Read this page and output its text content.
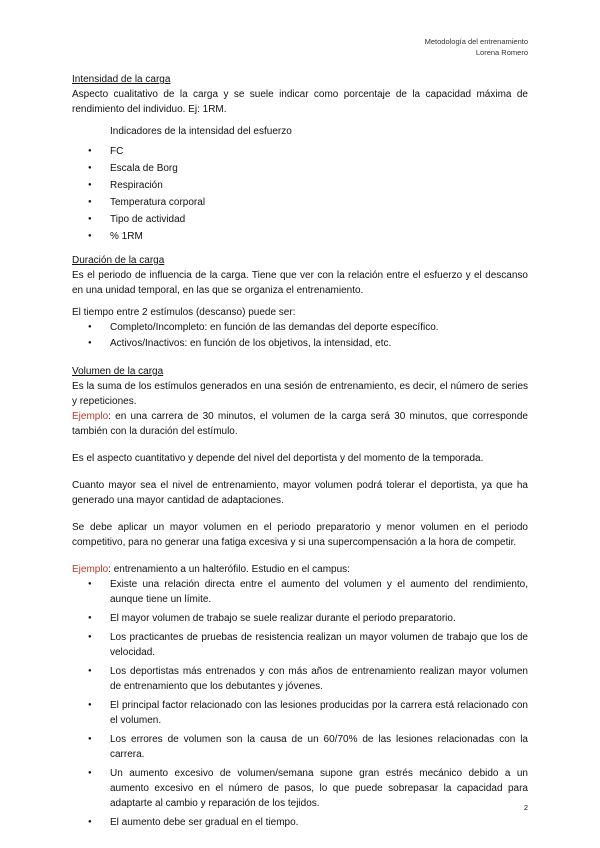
Metodología del entrenamiento
Lorena Romero

Intensidad de la carga

Aspecto cualitativo de la carga y se suele indicar como porcentaje de la capacidad máxima de rendimiento del individuo. Ej: 1RM.

Indicadores de la intensidad del esfuerzo

● FC
● Escala de Borg
● Respiración
● Temperatura corporal
● Tipo de actividad
● % 1RM

Duración de la carga

Es el periodo de influencia de la carga. Tiene que ver con la relación entre el esfuerzo y el descanso en una unidad temporal, en las que se organiza el entrenamiento.

El tiempo entre 2 estímulos (descanso) puede ser:

● Completo/Incompleto: en función de las demandas del deporte específico.
● Activos/Inactivos: en función de los objetivos, la intensidad, etc.

Volumen de la carga

Es la suma de los estímulos generados en una sesión de entrenamiento, es decir, el número de series y repeticiones.

Ejemplo: en una carrera de 30 minutos, el volumen de la carga será 30 minutos, que corresponde también con la duración del estímulo.

Es el aspecto cuantitativo y depende del nivel del deportista y del momento de la temporada.

Cuanto mayor sea el nivel de entrenamiento, mayor volumen podrá tolerar el deportista, ya que ha generado una mayor cantidad de adaptaciones.

Se debe aplicar un mayor volumen en el periodo preparatorio y menor volumen en el periodo competitivo, para no generar una fatiga excesiva y si una supercompensación a la hora de competir.

Ejemplo: entrenamiento a un halterófilo. Estudio en el campus:

● Existe una relación directa entre el aumento del volumen y el aumento del rendimiento, aunque tiene un límite.
● El mayor volumen de trabajo se suele realizar durante el periodo preparatorio.
● Los practicantes de pruebas de resistencia realizan un mayor volumen de trabajo que los de velocidad.
● Los deportistas más entrenados y con más años de entrenamiento realizan mayor volumen de entrenamiento que los debutantes y jóvenes.
● El principal factor relacionado con las lesiones producidas por la carrera está relacionado con el volumen.
● Los errores de volumen son la causa de un 60/70% de las lesiones relacionadas con la carrera.
● Un aumento excesivo de volumen/semana supone gran estrés mecánico debido a un aumento excesivo en el número de pasos, lo que puede sobrepasar la capacidad para adaptarte al cambio y reparación de los tejidos.
● El aumento debe ser gradual en el tiempo.
2
